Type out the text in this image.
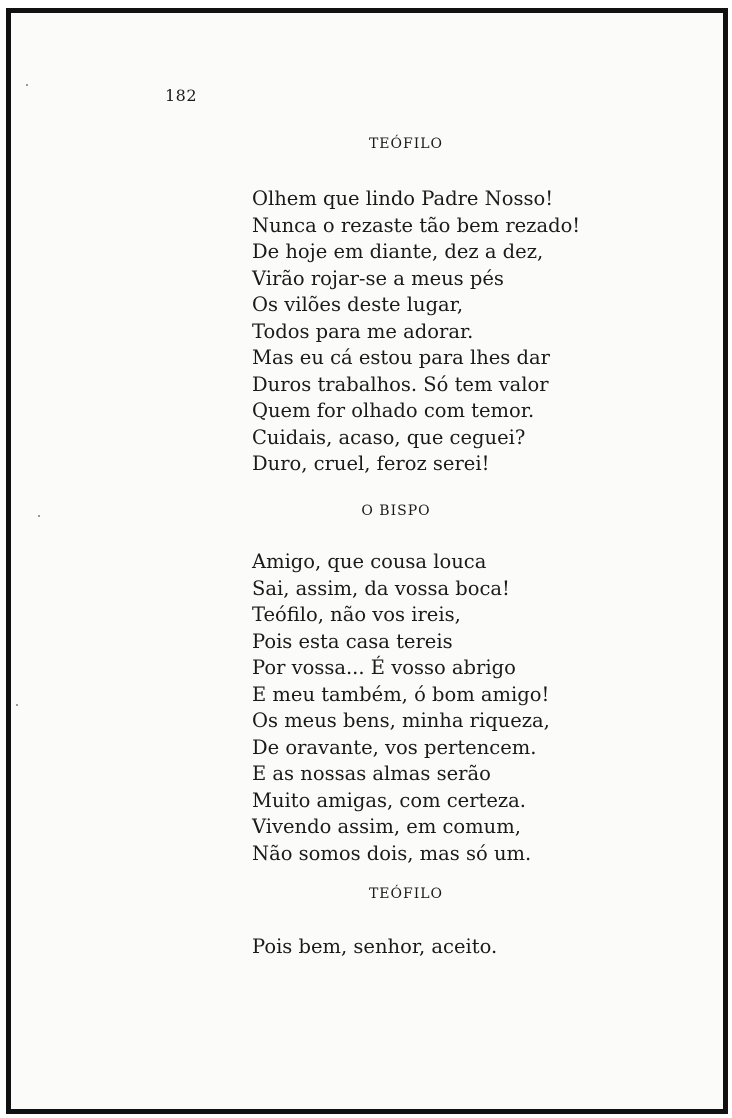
182
TEÓFILO
Olhem que lindo Padre Nosso!
Nunca o rezaste tão bem rezado!
De hoje em diante, dez a dez,
Virão rojar-se a meus pés
Os vilões deste lugar,
Todos para me adorar.
Mas eu cá estou para lhes dar
Duros trabalhos. Só tem valor
Quem for olhado com temor.
Cuidais, acaso, que ceguei?
Duro, cruel, feroz serei!
O BISPO
Amigo, que cousa louca
Sai, assim, da vossa boca!
Teófilo, não vos ireis,
Pois esta casa tereis
Por vossa... É vosso abrigo
E meu também, ó bom amigo!
Os meus bens, minha riqueza,
De oravante, vos pertencem.
E as nossas almas serão
Muito amigas, com certeza.
Vivendo assim, em comum,
Não somos dois, mas só um.
TEÓFILO
Pois bem, senhor, aceito.
